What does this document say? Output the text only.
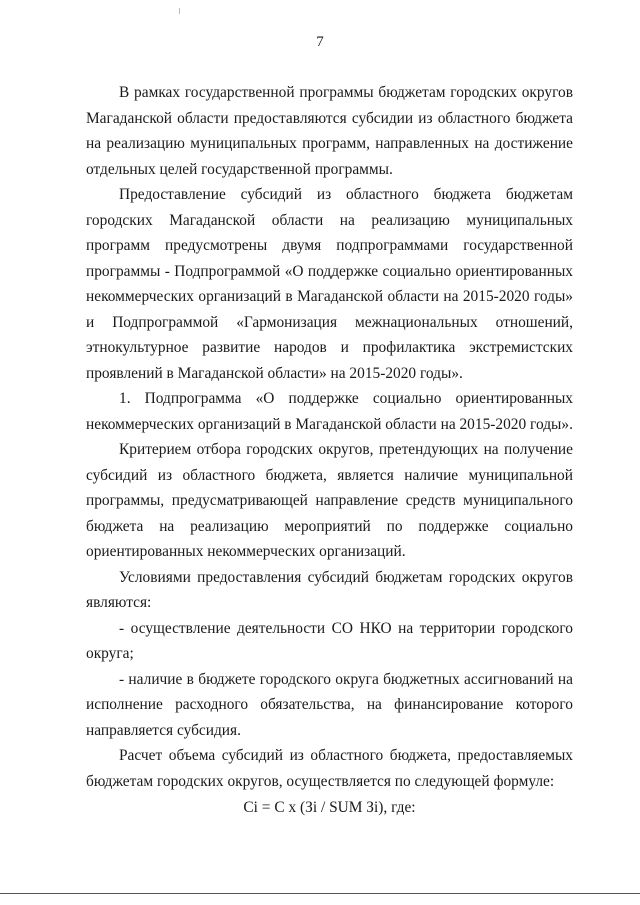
7

В рамках государственной программы бюджетам городских округов Магаданской области предоставляются субсидии из областного бюджета на реализацию муниципальных программ, направленных на достижение отдельных целей государственной программы.

Предоставление субсидий из областного бюджета бюджетам городских Магаданской области на реализацию муниципальных программ предусмотрены двумя подпрограммами государственной программы - Подпрограммой «О поддержке социально ориентированных некоммерческих организаций в Магаданской области на 2015-2020 годы» и Подпрограммой «Гармонизация межнациональных отношений, этнокультурное развитие народов и профилактика экстремистских проявлений в Магаданской области» на 2015-2020 годы».

1. Подпрограмма «О поддержке социально ориентированных некоммерческих организаций в Магаданской области на 2015-2020 годы».

Критерием отбора городских округов, претендующих на получение субсидий из областного бюджета, является наличие муниципальной программы, предусматривающей направление средств муниципального бюджета на реализацию мероприятий по поддержке социально ориентированных некоммерческих организаций.

Условиями предоставления субсидий бюджетам городских округов являются:

- осуществление деятельности СО НКО на территории городского округа;

- наличие в бюджете городского округа бюджетных ассигнований на исполнение расходного обязательства, на финансирование которого направляется субсидия.

Расчет объема субсидий из областного бюджета, предоставляемых бюджетам городских округов, осуществляется по следующей формуле:

Ci = C x (Зi / SUM Зi), где:
